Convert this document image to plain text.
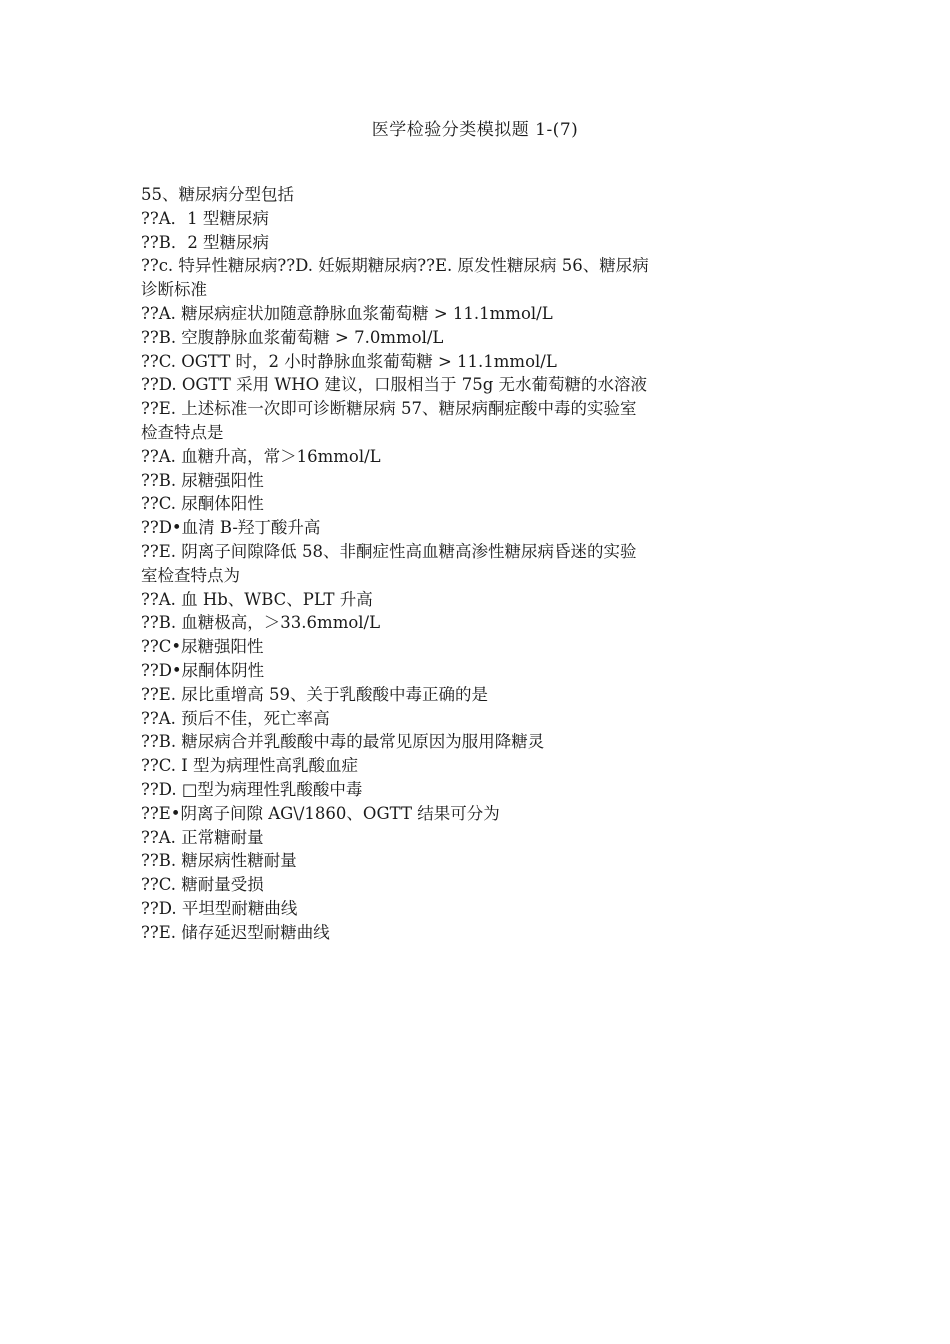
医学检验分类模拟题 1-(7)
55、糖尿病分型包括
??A．1 型糖尿病
??B．2 型糖尿病
??c. 特异性糖尿病??D. 妊娠期糖尿病??E. 原发性糖尿病 56、糖尿病
诊断标准
??A. 糖尿病症状加随意静脉血浆葡萄糖 > 11.1mmol/L
??B. 空腹静脉血浆葡萄糖 > 7.0mmol/L
??C. OGTT 时，2 小时静脉血浆葡萄糖 > 11.1mmol/L
??D. OGTT 采用 WHO 建议，口服相当于 75g 无水葡萄糖的水溶液
??E. 上述标准一次即可诊断糖尿病 57、糖尿病酮症酸中毒的实验室
检查特点是
??A. 血糖升高，常＞16mmol/L
??B. 尿糖强阳性
??C. 尿酮体阳性
??D•血清 B-羟丁酸升高
??E. 阴离子间隙降低 58、非酮症性高血糖高渗性糖尿病昏迷的实验
室检查特点为
??A. 血 Hb、WBC、PLT 升高
??B. 血糖极高，＞33.6mmol/L
??C•尿糖强阳性
??D•尿酮体阴性
??E. 尿比重增高 59、关于乳酸酸中毒正确的是
??A. 预后不佳，死亡率高
??B. 糖尿病合并乳酸酸中毒的最常见原因为服用降糖灵
??C. I 型为病理性高乳酸血症
??D. □型为病理性乳酸酸中毒
??E•阴离子间隙 AG\/1860、OGTT 结果可分为
??A. 正常糖耐量
??B. 糖尿病性糖耐量
??C. 糖耐量受损
??D. 平坦型耐糖曲线
??E. 储存延迟型耐糖曲线
